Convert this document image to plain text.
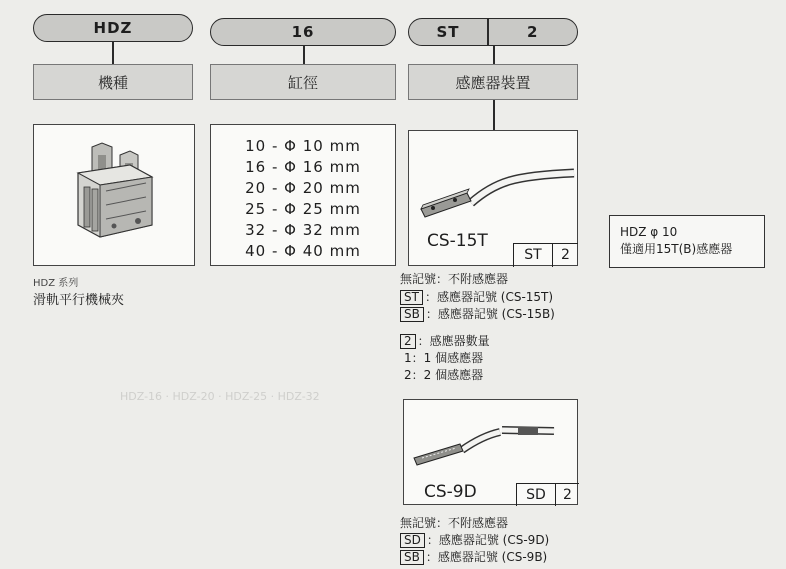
HDZ-16 · HDZ-20 · HDZ-25 · HDZ-32
HDZ
機種
HDZ 系列
滑軌平行機械夾
16
缸徑
10 - Φ 10 mm
16 - Φ 16 mm
20 - Φ 20 mm
25 - Φ 25 mm
32 - Φ 32 mm
40 - Φ 40 mm
ST	2
感應器裝置
CS-15T
ST	2
無記號：不附感應器
ST ：感應器記號 (CS-15T)
SB ：感應器記號 (CS-15B)
2 ：感應器數量
1：1 個感應器
2：2 個感應器
CS-9D	SD	2
無記號：不附感應器
SD ：感應器記號 (CS-9D)
SB ：感應器記號 (CS-9B)
HDZ φ 10
僅適用15T(B)感應器
